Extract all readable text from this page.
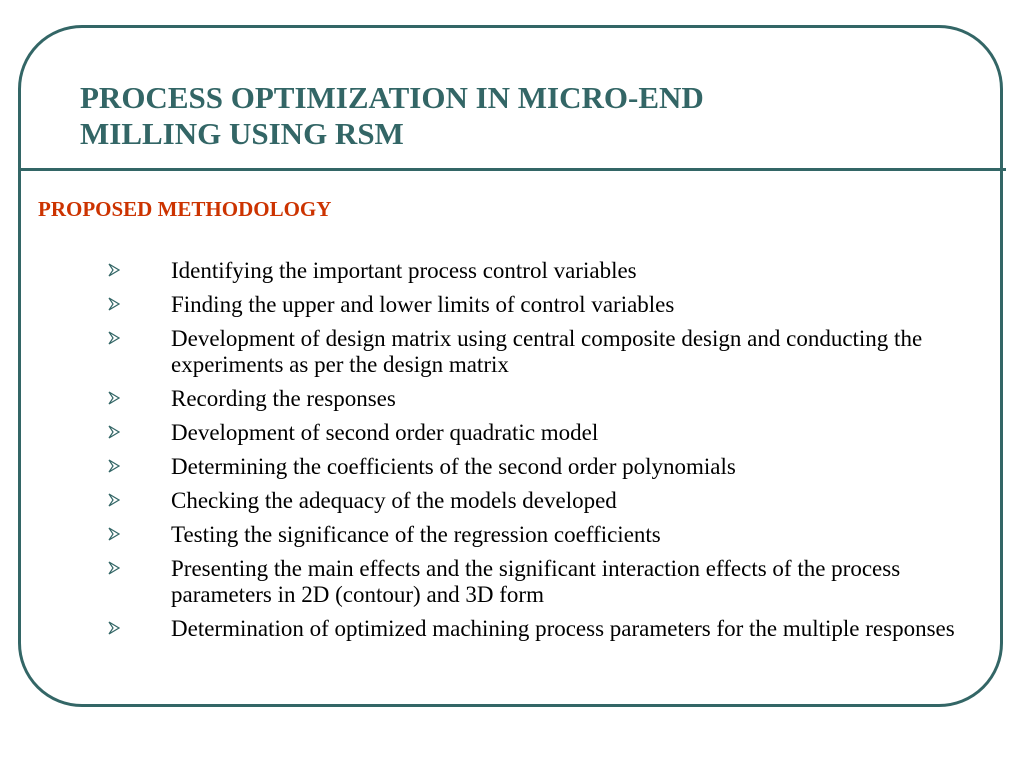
PROCESS OPTIMIZATION IN MICRO-END
MILLING USING RSM
PROPOSED METHODOLOGY
Identifying the important process control variables
Finding the upper and lower limits of control variables
Development of design matrix using central composite design and conducting the experiments as per the design matrix
Recording the responses
Development of second order quadratic model
Determining the coefficients of the second order polynomials
Checking the adequacy of the models developed
Testing the significance of the regression coefficients
Presenting the main effects and the significant interaction effects of the process parameters in 2D (contour) and 3D form
Determination of optimized machining process parameters for the multiple responses
